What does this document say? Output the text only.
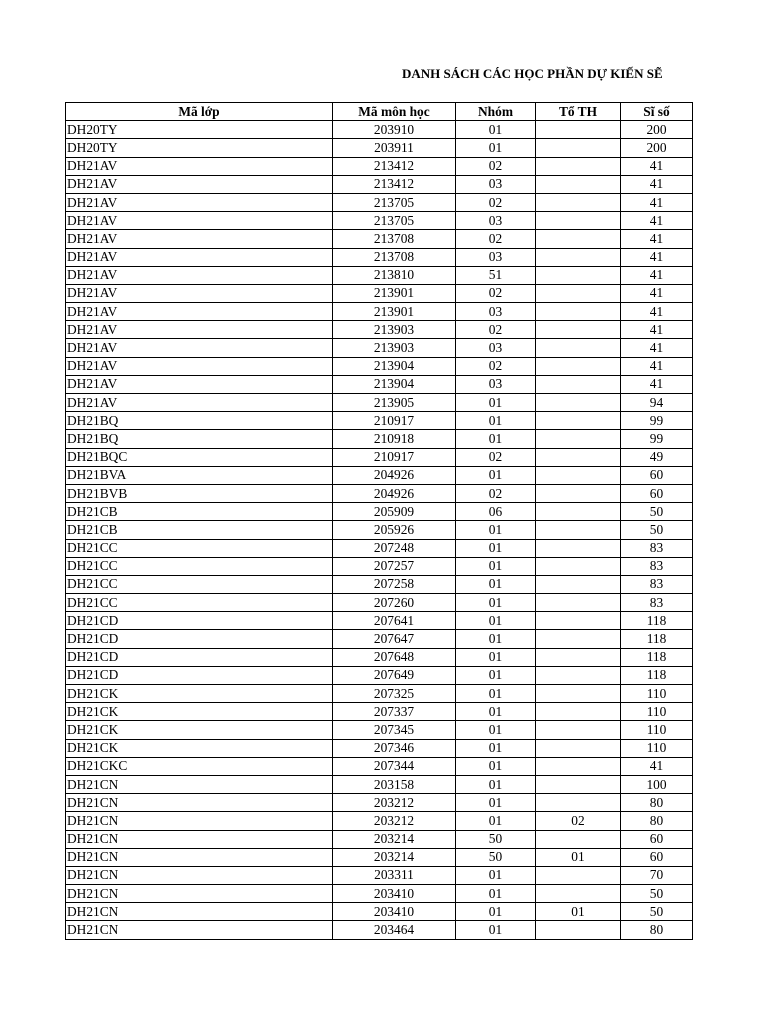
DANH SÁCH CÁC HỌC PHẦN DỰ KIẾN SẼ
Mã lớp	Mã môn học	Nhóm	Tổ TH	Sĩ số
DH20TY	203910	01		200
DH20TY	203911	01		200
DH21AV	213412	02		41
DH21AV	213412	03		41
DH21AV	213705	02		41
DH21AV	213705	03		41
DH21AV	213708	02		41
DH21AV	213708	03		41
DH21AV	213810	51		41
DH21AV	213901	02		41
DH21AV	213901	03		41
DH21AV	213903	02		41
DH21AV	213903	03		41
DH21AV	213904	02		41
DH21AV	213904	03		41
DH21AV	213905	01		94
DH21BQ	210917	01		99
DH21BQ	210918	01		99
DH21BQC	210917	02		49
DH21BVA	204926	01		60
DH21BVB	204926	02		60
DH21CB	205909	06		50
DH21CB	205926	01		50
DH21CC	207248	01		83
DH21CC	207257	01		83
DH21CC	207258	01		83
DH21CC	207260	01		83
DH21CD	207641	01		118
DH21CD	207647	01		118
DH21CD	207648	01		118
DH21CD	207649	01		118
DH21CK	207325	01		110
DH21CK	207337	01		110
DH21CK	207345	01		110
DH21CK	207346	01		110
DH21CKC	207344	01		41
DH21CN	203158	01		100
DH21CN	203212	01		80
DH21CN	203212	01	02	80
DH21CN	203214	50		60
DH21CN	203214	50	01	60
DH21CN	203311	01		70
DH21CN	203410	01		50
DH21CN	203410	01	01	50
DH21CN	203464	01		80
